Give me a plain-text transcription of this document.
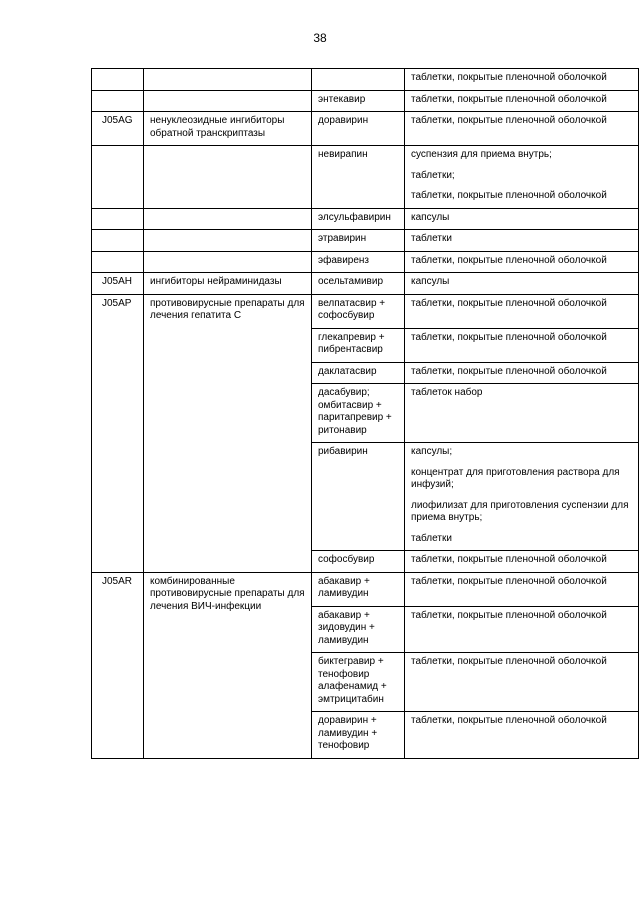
38

			таблетки, покрытые пленочной оболочкой

		энтекавир	таблетки, покрытые пленочной оболочкой

J05AG	ненуклеозидные ингибиторы обратной транскриптазы	доравирин	таблетки, покрытые пленочной оболочкой

		невирапин	суспензия для приема внутрь;
таблетки;
таблетки, покрытые пленочной оболочкой

		элсульфавирин	капсулы

		этравирин	таблетки

		эфавиренз	таблетки, покрытые пленочной оболочкой

J05AH	ингибиторы нейраминидазы	осельтамивир	капсулы

J05AP	противовирусные препараты для лечения гепатита С	велпатасвир + софосбувир	таблетки, покрытые пленочной оболочкой

		глекапревир + пибрентасвир	таблетки, покрытые пленочной оболочкой

		даклатасвир	таблетки, покрытые пленочной оболочкой

		дасабувир; омбитасвир + паритапревир + ритонавир	таблеток набор

		рибавирин	капсулы;
концентрат для приготовления раствора для инфузий;
лиофилизат для приготовления суспензии для приема внутрь;
таблетки

		софосбувир	таблетки, покрытые пленочной оболочкой

J05AR	комбинированные противовирусные препараты для лечения ВИЧ-инфекции	абакавир + ламивудин	таблетки, покрытые пленочной оболочкой

		абакавир + зидовудин + ламивудин	таблетки, покрытые пленочной оболочкой

		биктегравир + тенофовир алафенамид + эмтрицитабин	таблетки, покрытые пленочной оболочкой

		доравирин + ламивудин + тенофовир	таблетки, покрытые пленочной оболочкой
